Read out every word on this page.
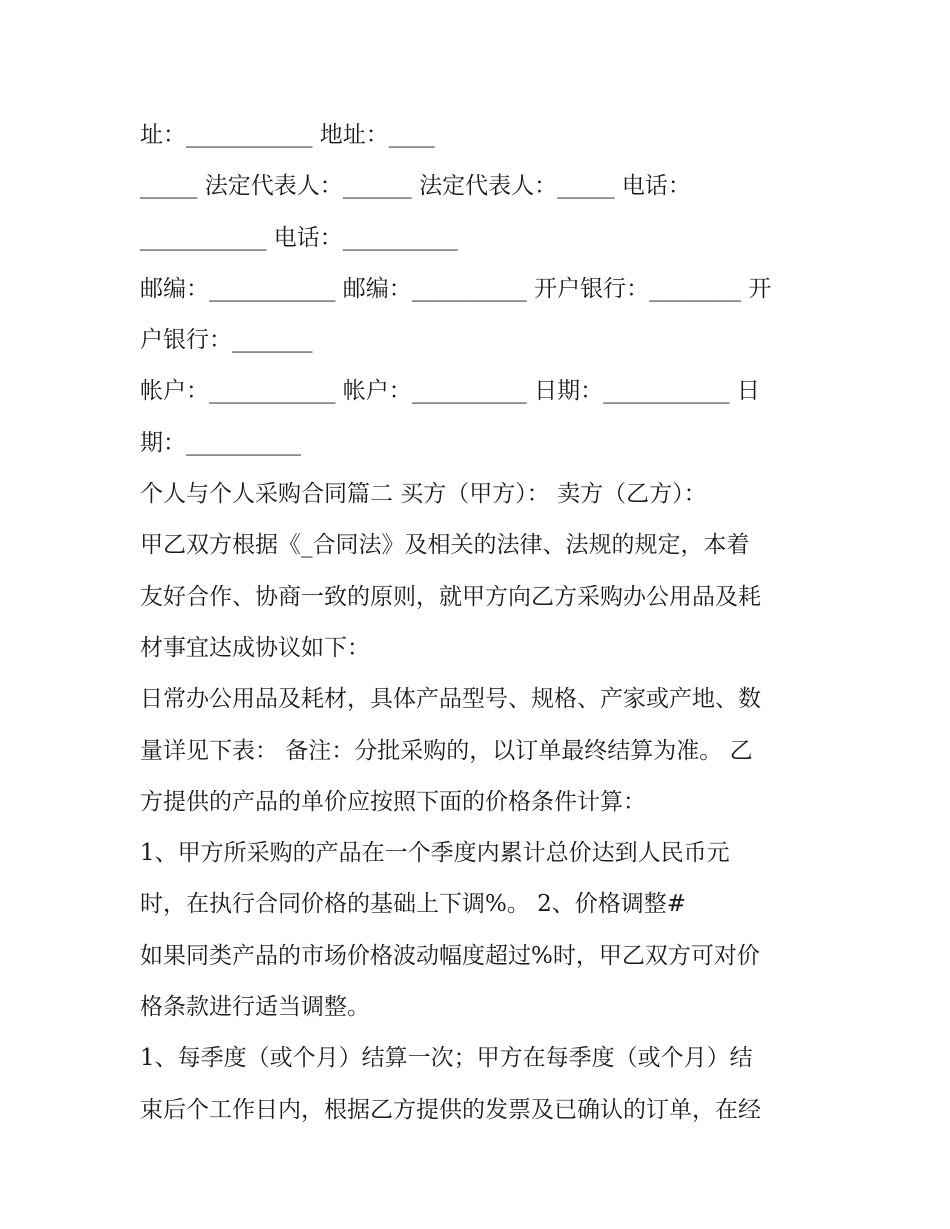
址：___________ 地址：____

_____ 法定代表人：______ 法定代表人：_____ 电话：

___________ 电话：__________

邮编：___________ 邮编：__________ 开户银行：________ 开

户银行：_______

帐户：___________ 帐户：__________ 日期：___________ 日

期：__________

个人与个人采购合同篇二 买方（甲方）： 卖方（乙方）：

甲乙双方根据《_合同法》及相关的法律、法规的规定，本着

友好合作、协商一致的原则，就甲方向乙方采购办公用品及耗

材事宜达成协议如下：

日常办公用品及耗材，具体产品型号、规格、产家或产地、数

量详见下表： 备注：分批采购的，以订单最终结算为准。 乙

方提供的产品的单价应按照下面的价格条件计算：

1、甲方所采购的产品在一个季度内累计总价达到人民币元

时，在执行合同价格的基础上下调%。 2、价格调整#

如果同类产品的市场价格波动幅度超过%时，甲乙双方可对价

格条款进行适当调整。

1、每季度（或个月）结算一次；甲方在每季度（或个月）结

束后个工作日内，根据乙方提供的发票及已确认的订单，在经
